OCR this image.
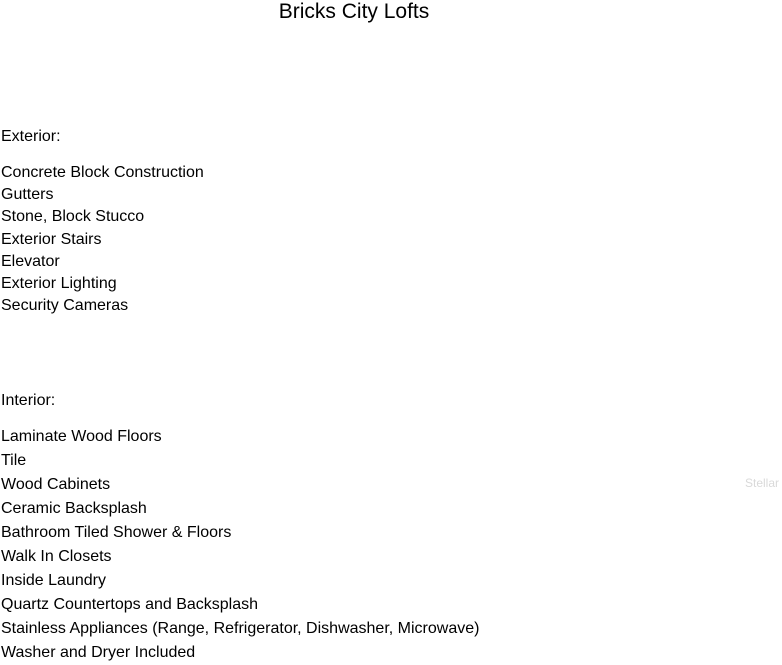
Bricks City Lofts
Exterior:
Concrete Block Construction
Gutters
Stone, Block Stucco
Exterior Stairs
Elevator
Exterior Lighting
Security Cameras
Interior:
Laminate Wood Floors
Tile
Wood Cabinets
Ceramic Backsplash
Bathroom Tiled Shower & Floors
Walk In Closets
Inside Laundry
Quartz Countertops and Backsplash
Stainless Appliances (Range, Refrigerator, Dishwasher, Microwave)
Washer and Dryer Included
Stellar
